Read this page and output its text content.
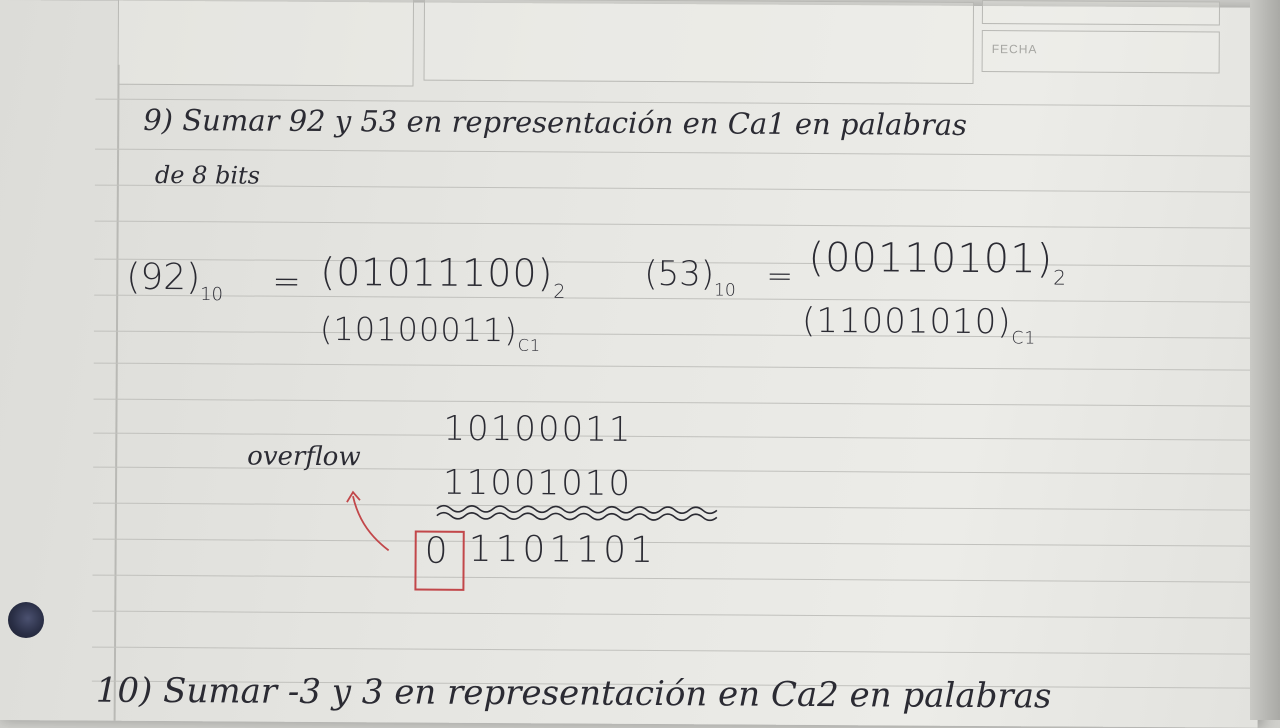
FECHA
9) Sumar 92 y 53 en representación en Ca1 en palabras
de 8 bits
$(92)_{10} = (01011100)_2$
$(10100011)_{C1}$
$(53)_{10} = (00110101)_2$
$(11001010)_{C1}$
10100011
overflow
11001010
0 1101101
10) Sumar -3 y 3 en representación en Ca2 en palabras
